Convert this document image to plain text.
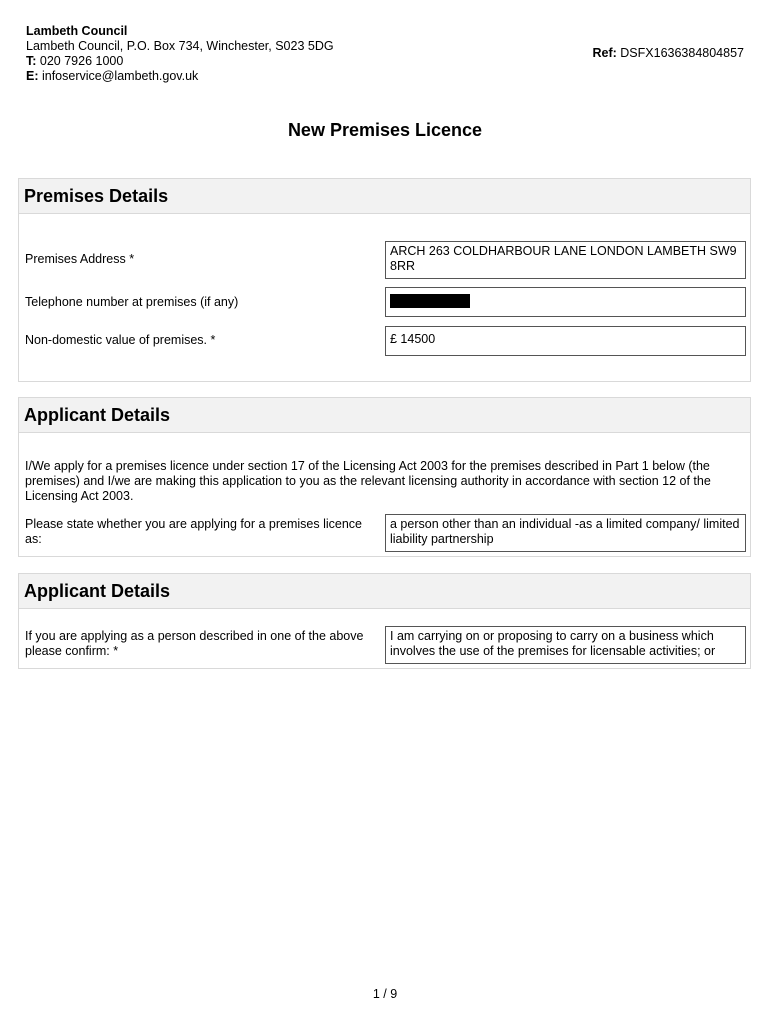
Lambeth Council
Lambeth Council, P.O. Box 734, Winchester, S023 5DG
T: 020 7926 1000
E: infoservice@lambeth.gov.uk
Ref: DSFX1636384804857
New Premises Licence
Premises Details
Premises Address *
ARCH 263 COLDHARBOUR LANE LONDON LAMBETH SW9 8RR
Telephone number at premises (if any)
Non-domestic value of premises. *	£ 14500
Applicant Details
I/We apply for a premises licence under section 17 of the Licensing Act 2003 for the premises described in Part 1 below (the premises) and I/we are making this application to you as the relevant licensing authority in accordance with section 12 of the Licensing Act 2003.
Please state whether you are applying for a premises licence as:
a person other than an individual -as a limited company/ limited liability partnership
Applicant Details
If you are applying as a person described in one of the above please confirm: *
I am carrying on or proposing to carry on a business which involves the use of the premises for licensable activities; or
1 / 9
